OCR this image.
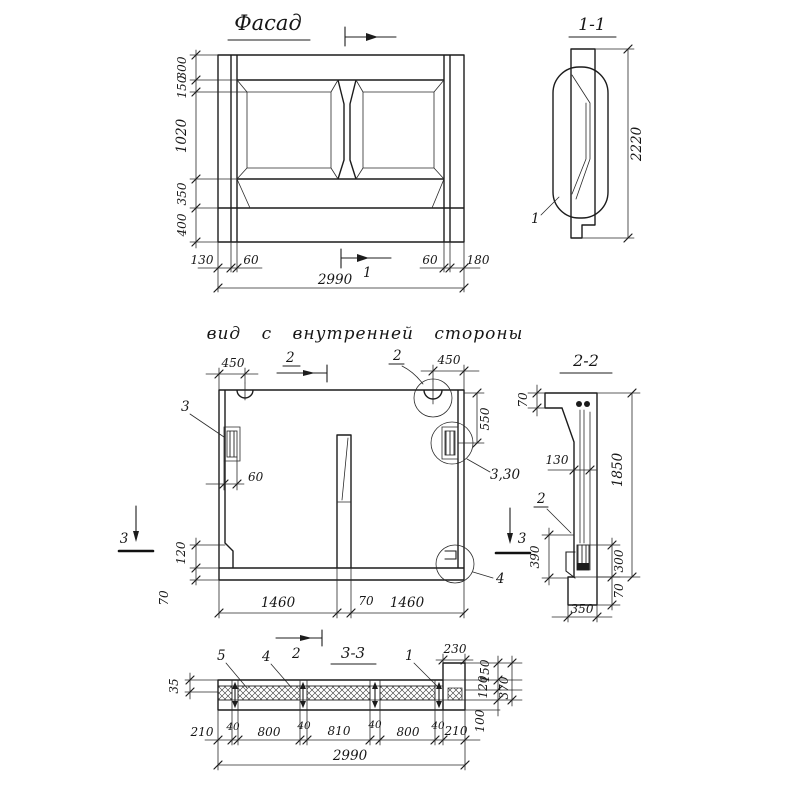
Фасад
1
300
150
1020
350
400
130 60	60 180
2990
1-1
2220
1
вид с внутренней стороны
2
2
450	450
550
3
60	3,30
120
70	1460	70 1460
4
3	3
2-2
70
130	1850
2
390	300
70
350
3-3
5	4 2	1 230
35
210 40 800 40 810 40 800 40 210
2990
150
120
100
370
